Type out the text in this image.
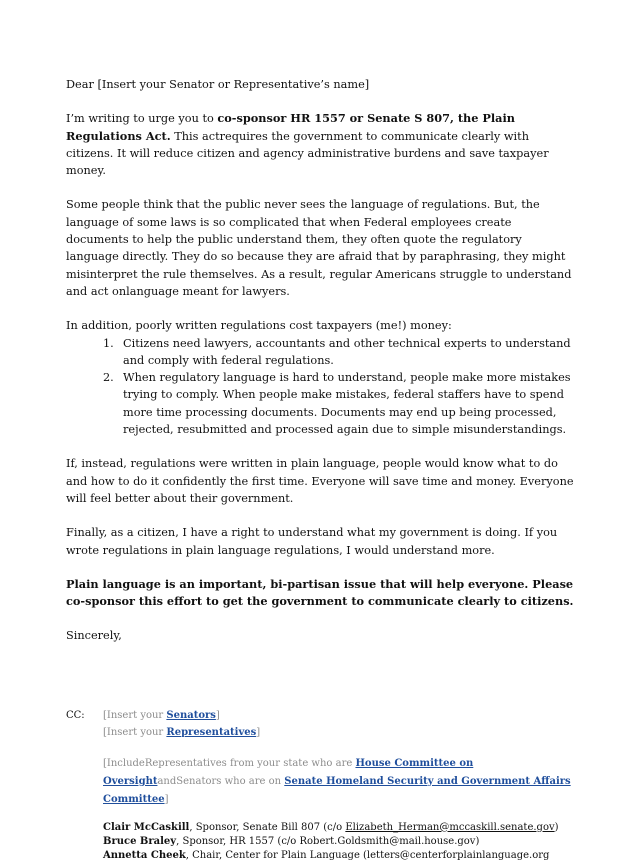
Dear [Insert your Senator or Representative’s name]

I’m writing to urge you to co-sponsor HR 1557 or Senate S 807, the Plain Regulations Act. This actrequires the government to communicate clearly with citizens. It will reduce citizen and agency administrative burdens and save taxpayer money.

Some people think that the public never sees the language of regulations. But, the language of some laws is so complicated that when Federal employees create documents to help the public understand them, they often quote the regulatory language directly. They do so because they are afraid that by paraphrasing, they might misinterpret the rule themselves. As a result, regular Americans struggle to understand and act onlanguage meant for lawyers.

In addition, poorly written regulations cost taxpayers (me!) money:

1. Citizens need lawyers, accountants and other technical experts to understand and comply with federal regulations.
2. When regulatory language is hard to understand, people make more mistakes trying to comply. When people make mistakes, federal staffers have to spend more time processing documents. Documents may end up being processed, rejected, resubmitted and processed again due to simple misunderstandings.

If, instead, regulations were written in plain language, people would know what to do and how to do it confidently the first time. Everyone will save time and money. Everyone will feel better about their government.

Finally, as a citizen, I have a right to understand what my government is doing. If you wrote regulations in plain language regulations, I would understand more.

Plain language is an important, bi-partisan issue that will help everyone. Please co-sponsor this effort to get the government to communicate clearly to citizens.

Sincerely,

CC: [Insert your Senators]
[Insert your Representatives]
[IncludeRepresentatives from your state who are House Committee on OversightandSenators who are on Senate Homeland Security and Government Affairs Committee]
Clair McCaskill, Sponsor, Senate Bill 807 (c/o Elizabeth_Herman@mccaskill.senate.gov)
Bruce Braley, Sponsor, HR 1557 (c/o Robert.Goldsmith@mail.house.gov)
Annetta Cheek, Chair, Center for Plain Language (letters@centerforplainlanguage.org
